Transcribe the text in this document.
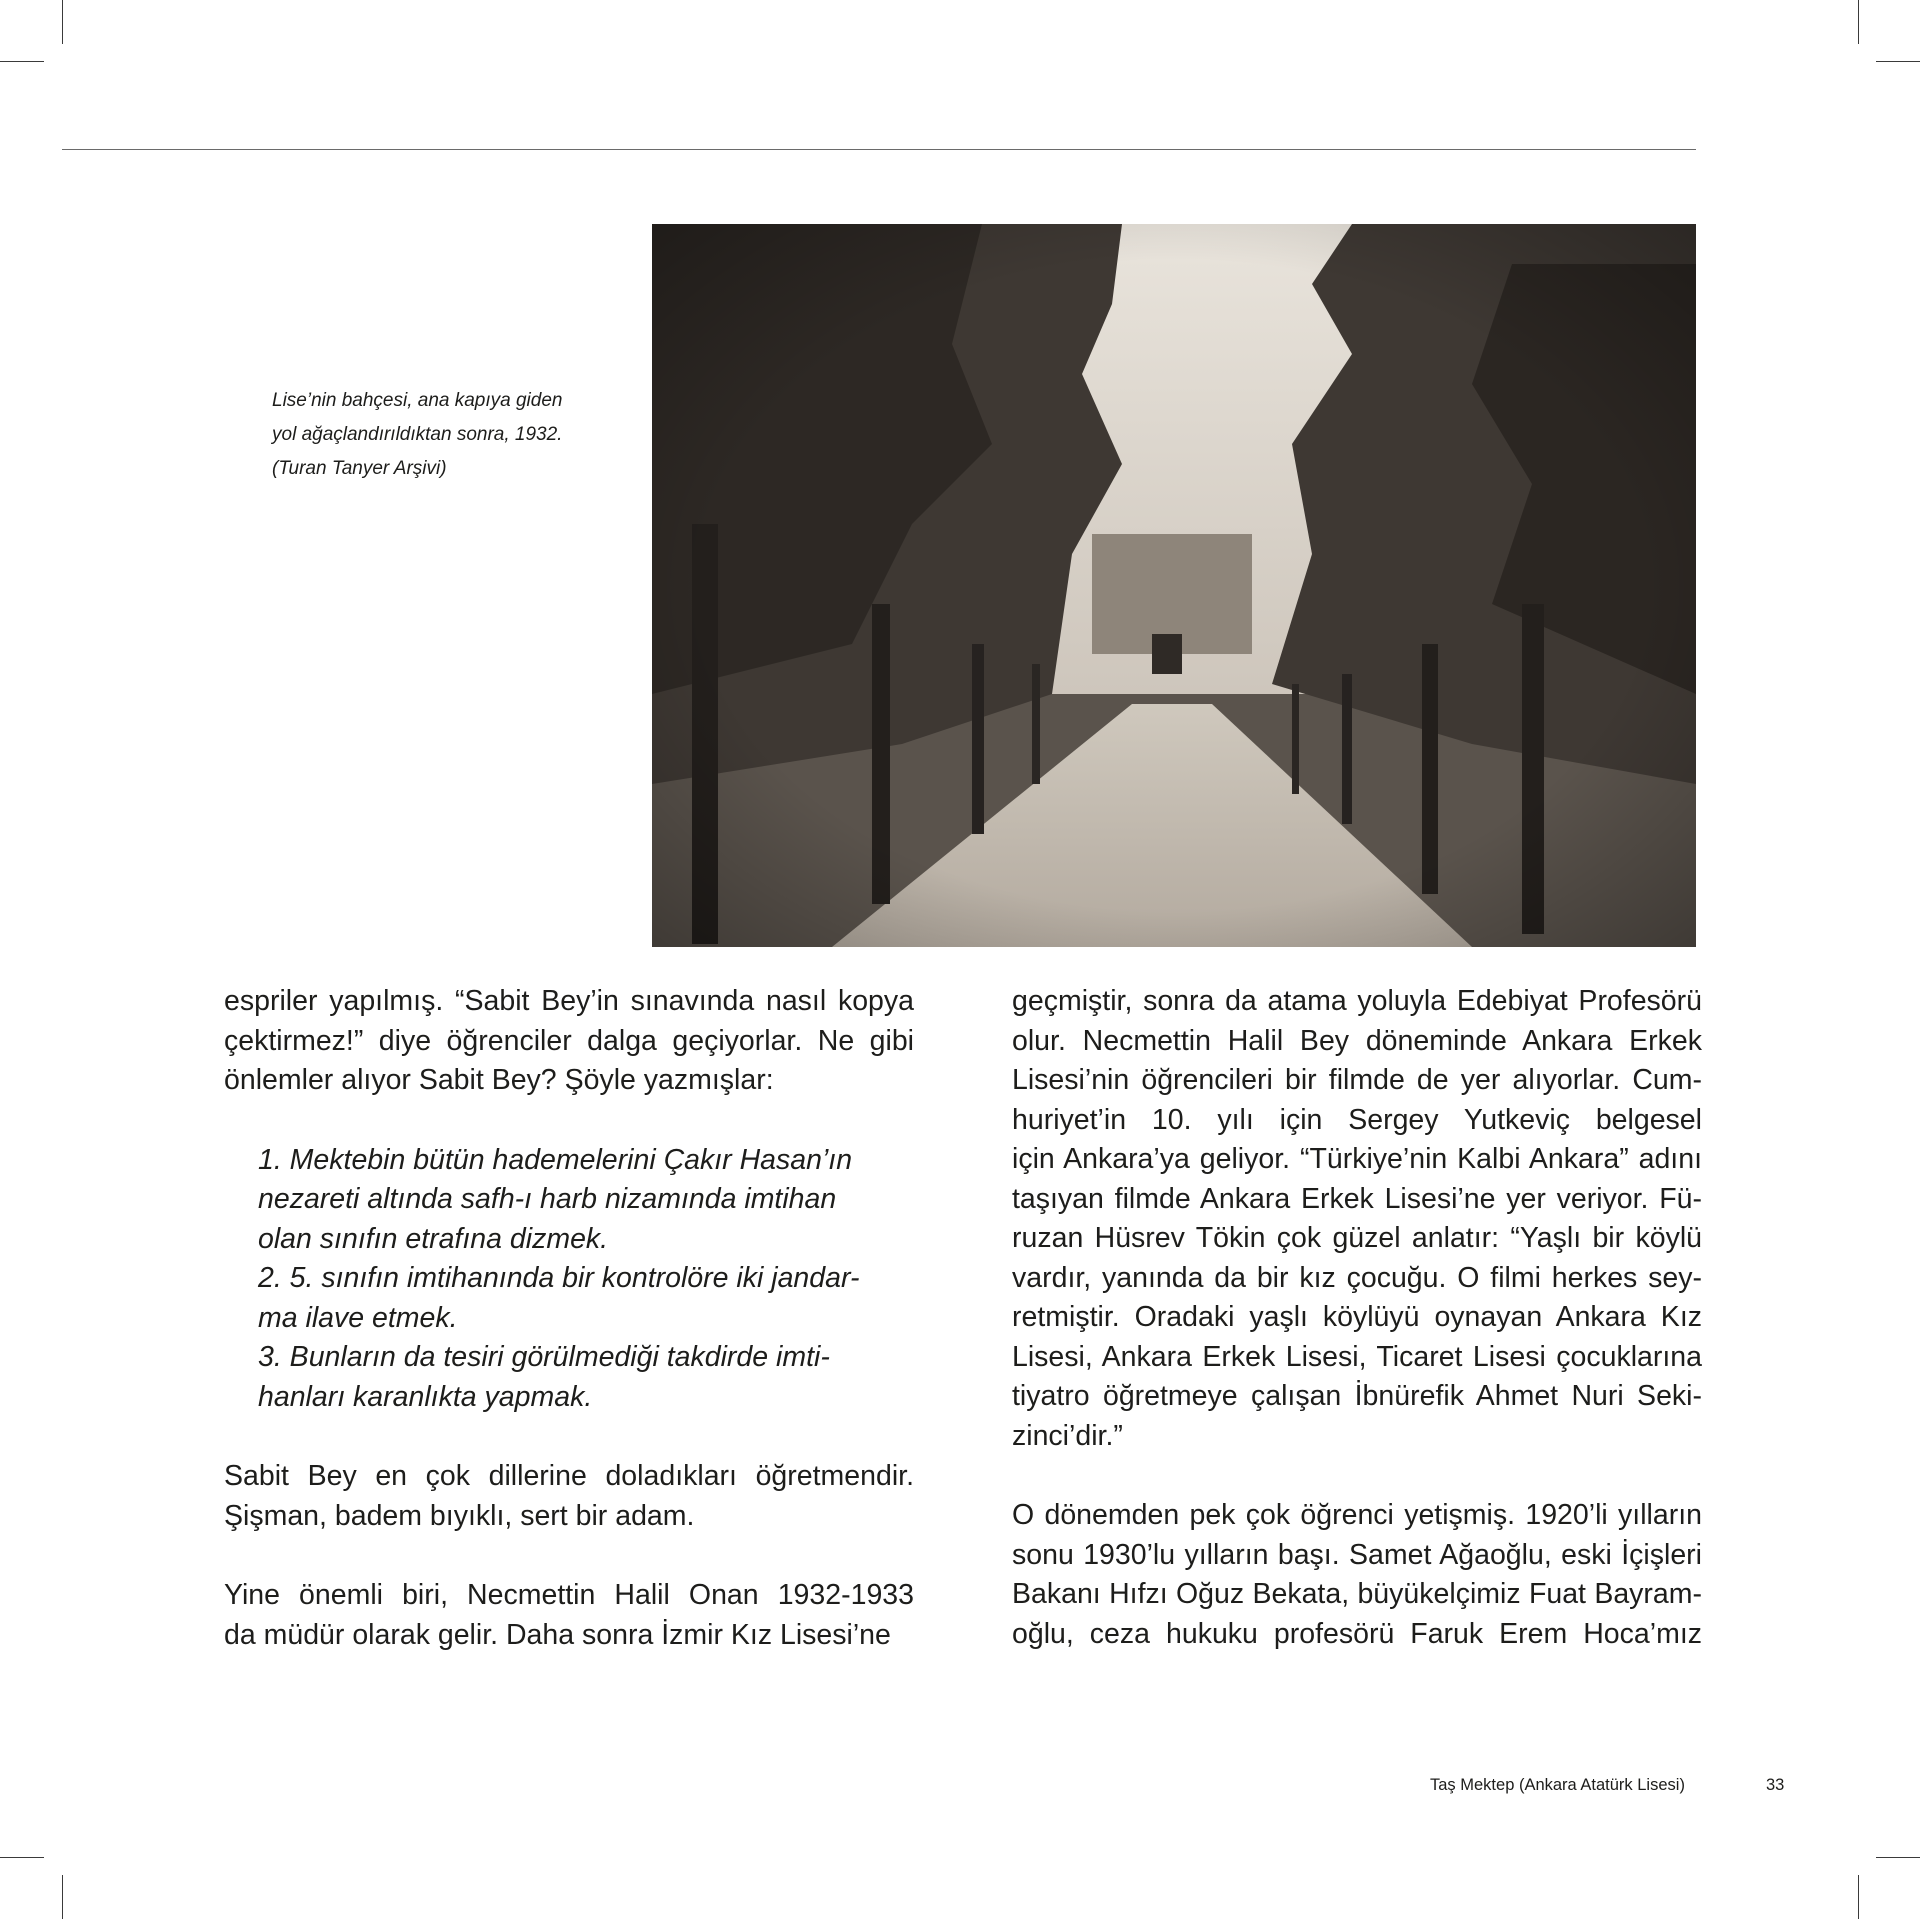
Lise’nin bahçesi, ana kapıya giden
yol ağaçlandırıldıktan sonra, 1932.
(Turan Tanyer Arşivi)
espriler yapılmış. “Sabit Bey’in sınavında nasıl kopya
çektirmez!” diye öğrenciler dalga geçiyorlar. Ne gibi
önlemler alıyor Sabit Bey? Şöyle yazmışlar:
1. Mektebin bütün hademelerini Çakır Hasan’ın
nezareti altında safh-ı harb nizamında imtihan
olan sınıfın etrafına dizmek.
2. 5. sınıfın imtihanında bir kontrolöre iki jandar-
ma ilave etmek.
3. Bunların da tesiri görülmediği takdirde imti-
hanları karanlıkta yapmak.
Sabit Bey en çok dillerine doladıkları öğretmendir.
Şişman, badem bıyıklı, sert bir adam.
Yine önemli biri, Necmettin Halil Onan 1932-1933
da müdür olarak gelir. Daha sonra İzmir Kız Lisesi’ne
geçmiştir, sonra da atama yoluyla Edebiyat Profesörü
olur. Necmettin Halil Bey döneminde Ankara Erkek
Lisesi’nin öğrencileri bir filmde de yer alıyorlar. Cum-
huriyet’in 10. yılı için Sergey Yutkeviç belgesel
için Ankara’ya geliyor. “Türkiye’nin Kalbi Ankara” adını
taşıyan filmde Ankara Erkek Lisesi’ne yer veriyor. Fü-
ruzan Hüsrev Tökin çok güzel anlatır: “Yaşlı bir köylü
vardır, yanında da bir kız çocuğu. O filmi herkes sey-
retmiştir. Oradaki yaşlı köylüyü oynayan Ankara Kız
Lisesi, Ankara Erkek Lisesi, Ticaret Lisesi çocuklarına
tiyatro öğretmeye çalışan İbnürefik Ahmet Nuri Seki-
zinci’dir.”
O dönemden pek çok öğrenci yetişmiş. 1920’li yılların
sonu 1930’lu yılların başı. Samet Ağaoğlu, eski İçişleri
Bakanı Hıfzı Oğuz Bekata, büyükelçimiz Fuat Bayram-
oğlu, ceza hukuku profesörü Faruk Erem Hoca’mız
Taş Mektep (Ankara Atatürk Lisesi)	33
